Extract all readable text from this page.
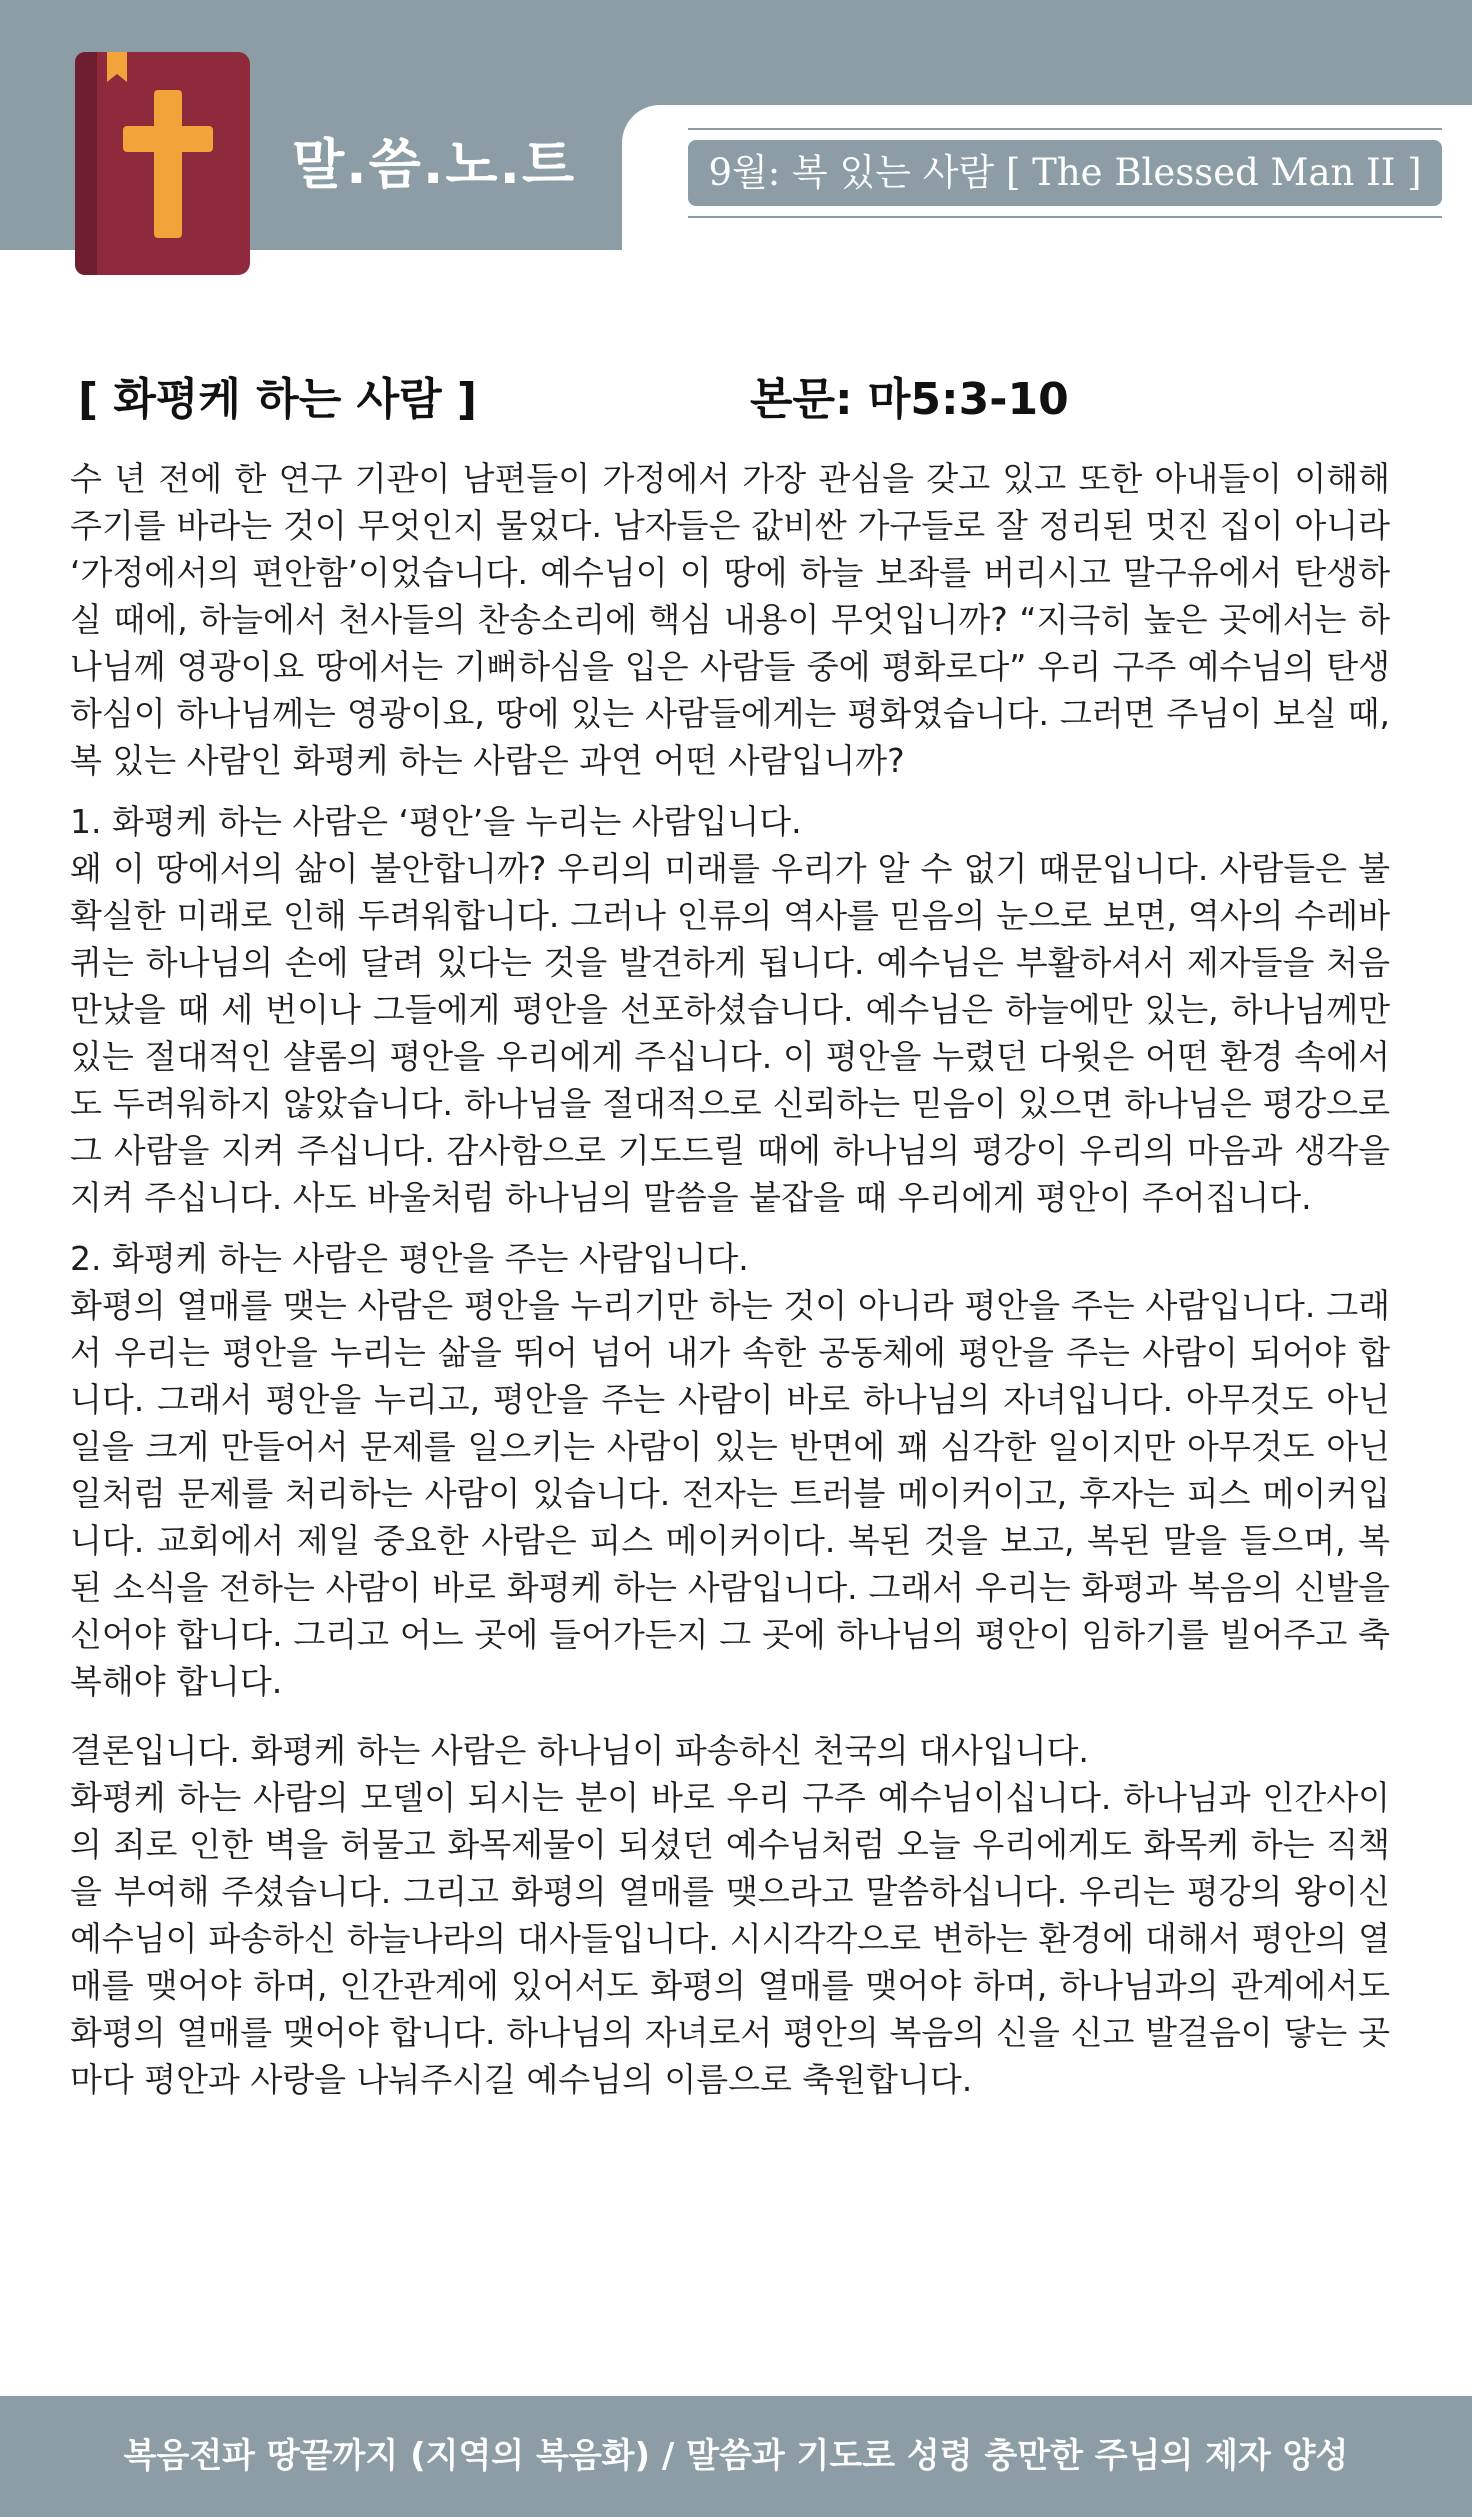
말.씀.노.트	9월: 복 있는 사람 [ The Blessed Man II ]
[ 화평케 하는 사람 ]	본문: 마5:3-10

수 년 전에 한 연구 기관이 남편들이 가정에서 가장 관심을 갖고 있고 또한 아내들이 이해해 주기를 바라는 것이 무엇인지 물었다. 남자들은 값비싼 가구들로 잘 정리된 멋진 집이 아니라 ‘가정에서의 편안함’이었습니다. 예수님이 이 땅에 하늘 보좌를 버리시고 말구유에서 탄생하실 때에, 하늘에서 천사들의 찬송소리에 핵심 내용이 무엇입니까? “지극히 높은 곳에서는 하나님께 영광이요 땅에서는 기뻐하심을 입은 사람들 중에 평화로다” 우리 구주 예수님의 탄생하심이 하나님께는 영광이요, 땅에 있는 사람들에게는 평화였습니다. 그러면 주님이 보실 때, 복 있는 사람인 화평케 하는 사람은 과연 어떤 사람입니까?

1. 화평케 하는 사람은 ‘평안’을 누리는 사람입니다.

왜 이 땅에서의 삶이 불안합니까? 우리의 미래를 우리가 알 수 없기 때문입니다. 사람들은 불확실한 미래로 인해 두려워합니다. 그러나 인류의 역사를 믿음의 눈으로 보면, 역사의 수레바퀴는 하나님의 손에 달려 있다는 것을 발견하게 됩니다. 예수님은 부활하셔서 제자들을 처음 만났을 때 세 번이나 그들에게 평안을 선포하셨습니다. 예수님은 하늘에만 있는, 하나님께만 있는 절대적인 샬롬의 평안을 우리에게 주십니다. 이 평안을 누렸던 다윗은 어떤 환경 속에서도 두려워하지 않았습니다. 하나님을 절대적으로 신뢰하는 믿음이 있으면 하나님은 평강으로 그 사람을 지켜 주십니다. 감사함으로 기도드릴 때에 하나님의 평강이 우리의 마음과 생각을 지켜 주십니다. 사도 바울처럼 하나님의 말씀을 붙잡을 때 우리에게 평안이 주어집니다.

2. 화평케 하는 사람은 평안을 주는 사람입니다.

화평의 열매를 맺는 사람은 평안을 누리기만 하는 것이 아니라 평안을 주는 사람입니다. 그래서 우리는 평안을 누리는 삶을 뛰어 넘어 내가 속한 공동체에 평안을 주는 사람이 되어야 합니다. 그래서 평안을 누리고, 평안을 주는 사람이 바로 하나님의 자녀입니다. 아무것도 아닌 일을 크게 만들어서 문제를 일으키는 사람이 있는 반면에 꽤 심각한 일이지만 아무것도 아닌 일처럼 문제를 처리하는 사람이 있습니다. 전자는 트러블 메이커이고, 후자는 피스 메이커입니다. 교회에서 제일 중요한 사람은 피스 메이커이다. 복된 것을 보고, 복된 말을 들으며, 복된 소식을 전하는 사람이 바로 화평케 하는 사람입니다. 그래서 우리는 화평과 복음의 신발을 신어야 합니다. 그리고 어느 곳에 들어가든지 그 곳에 하나님의 평안이 임하기를 빌어주고 축복해야 합니다.

결론입니다. 화평케 하는 사람은 하나님이 파송하신 천국의 대사입니다.

화평케 하는 사람의 모델이 되시는 분이 바로 우리 구주 예수님이십니다. 하나님과 인간사이의 죄로 인한 벽을 허물고 화목제물이 되셨던 예수님처럼 오늘 우리에게도 화목케 하는 직책을 부여해 주셨습니다. 그리고 화평의 열매를 맺으라고 말씀하십니다. 우리는 평강의 왕이신 예수님이 파송하신 하늘나라의 대사들입니다. 시시각각으로 변하는 환경에 대해서 평안의 열매를 맺어야 하며, 인간관계에 있어서도 화평의 열매를 맺어야 하며, 하나님과의 관계에서도 화평의 열매를 맺어야 합니다. 하나님의 자녀로서 평안의 복음의 신을 신고 발걸음이 닿는 곳마다 평안과 사랑을 나눠주시길 예수님의 이름으로 축원합니다.

복음전파 땅끝까지 (지역의 복음화) / 말씀과 기도로 성령 충만한 주님의 제자 양성
